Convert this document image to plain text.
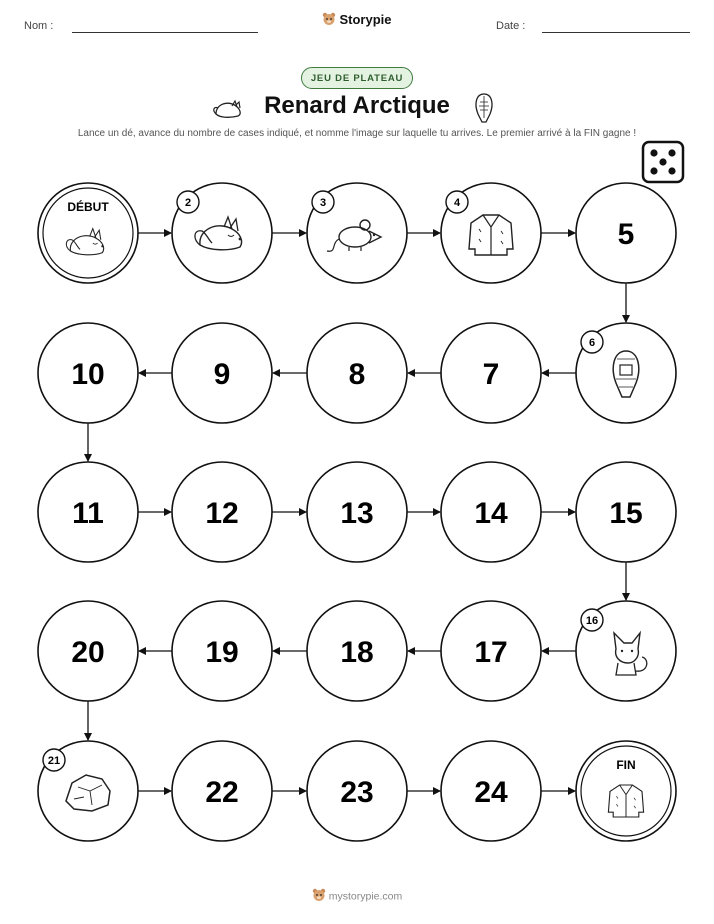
Nom :	Storypie	Date :
JEU DE PLATEAU
Renard Arctique
Lance un dé, avance du nombre de cases indiqué, et nomme l'image sur laquelle tu arrives. Le premier arrivé à la FIN gagne !
DÉBUT	2	3	4
5
6
7
8
9
10
11	12	13	14	15
16
17
18
19
20
21
22	23	24
FIN
mystorypie.com
